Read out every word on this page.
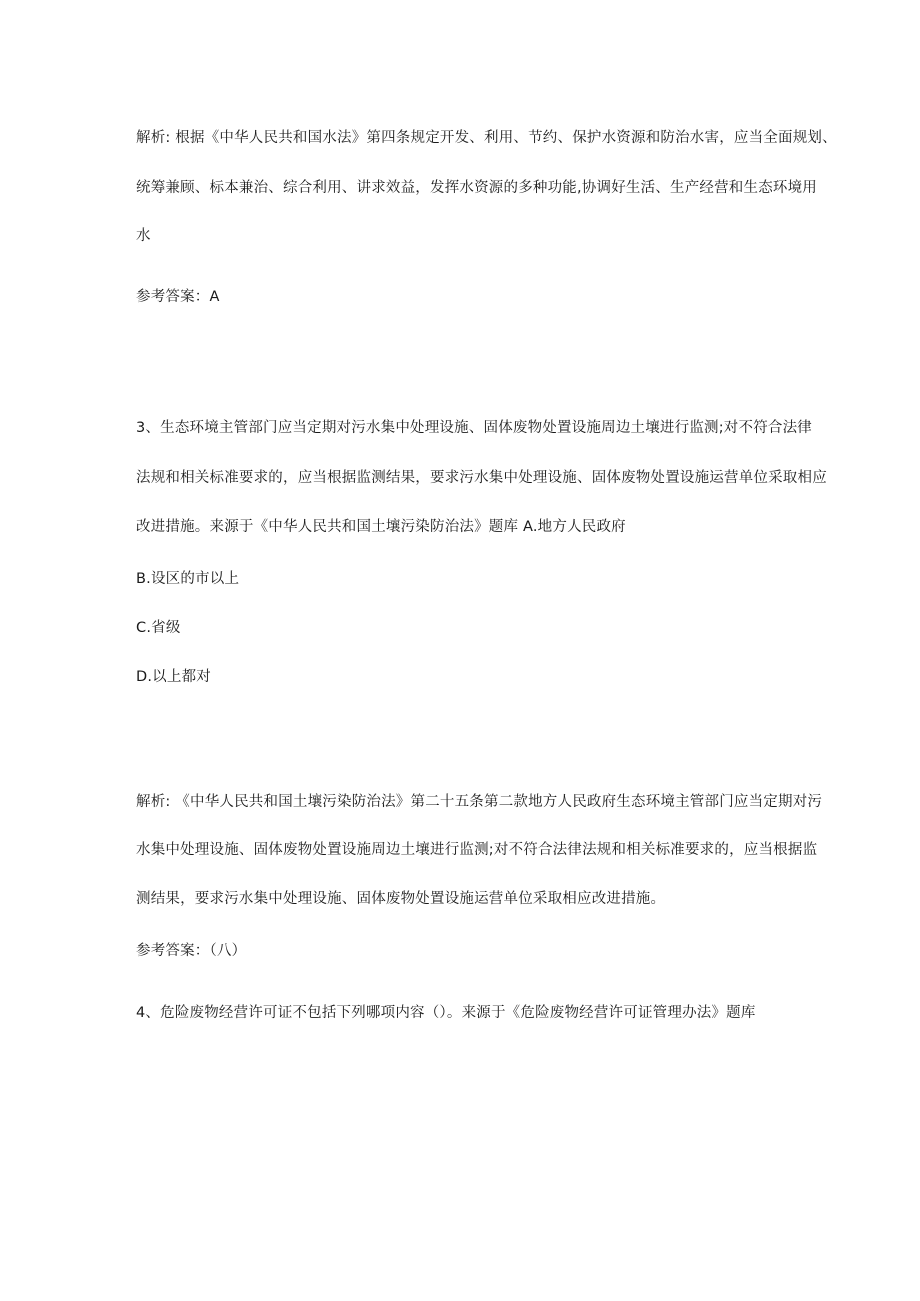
解析: 根据《中华人民共和国水法》第四条规定开发、利用、节约、保护水资源和防治水害，应当全面规划、
统筹兼顾、标本兼治、综合利用、讲求效益，发挥水资源的多种功能,协调好生活、生产经营和生态环境用
水
参考答案：A
3、生态环境主管部门应当定期对污水集中处理设施、固体废物处置设施周边土壤进行监测;对不符合法律
法规和相关标准要求的，应当根据监测结果，要求污水集中处理设施、固体废物处置设施运营单位采取相应
改进措施。来源于《中华人民共和国土壤污染防治法》题库 A.地方人民政府
B.设区的市以上
C.省级
D.以上都对
解析: 《中华人民共和国土壤污染防治法》第二十五条第二款地方人民政府生态环境主管部门应当定期对污
水集中处理设施、固体废物处置设施周边土壤进行监测;对不符合法律法规和相关标准要求的，应当根据监
测结果，要求污水集中处理设施、固体废物处置设施运营单位采取相应改进措施。
参考答案：（八）
4、危险废物经营许可证不包括下列哪项内容（）。来源于《危险废物经营许可证管理办法》题库
